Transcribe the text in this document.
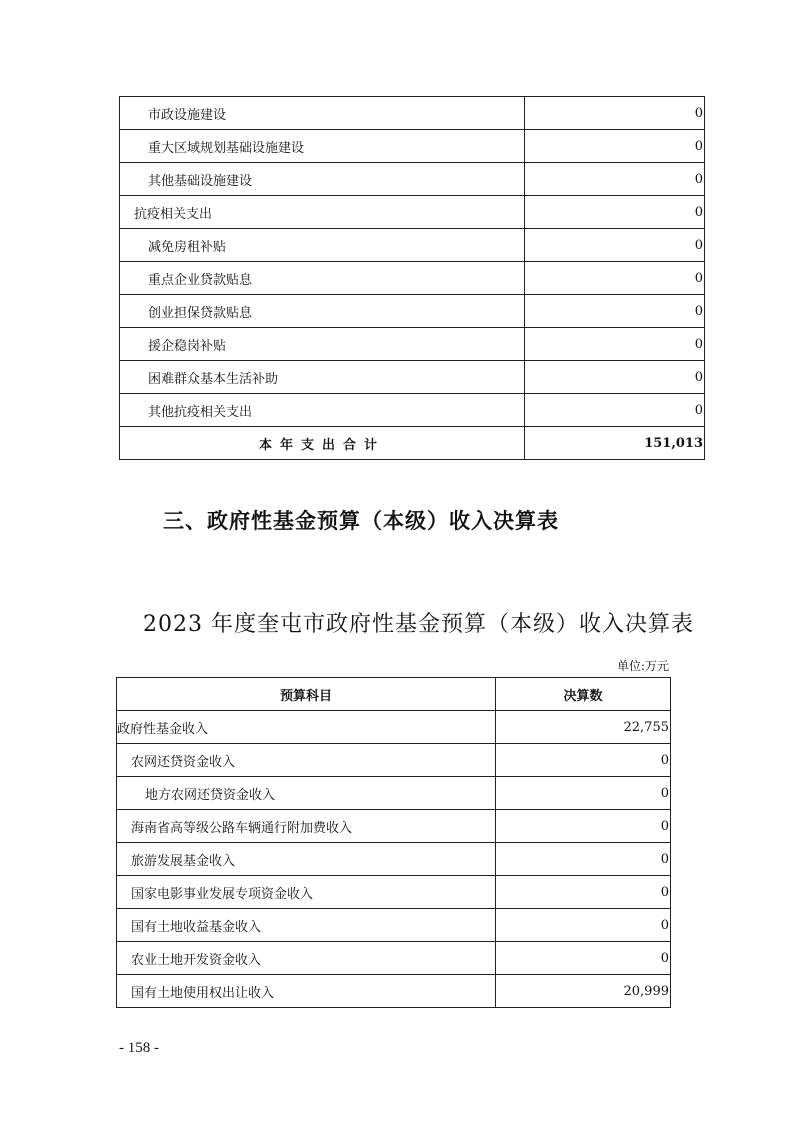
市政设施建设	0
重大区域规划基础设施建设	0
其他基础设施建设	0
抗疫相关支出	0
减免房租补贴	0
重点企业贷款贴息	0
创业担保贷款贴息	0
援企稳岗补贴	0
困难群众基本生活补助	0
其他抗疫相关支出	0
本年支出合计	151,013
三、政府性基金预算（本级）收入决算表
2023 年度奎屯市政府性基金预算（本级）收入决算表
单位:万元
预算科目	决算数
政府性基金收入	22,755
农网还贷资金收入	0
地方农网还贷资金收入	0
海南省高等级公路车辆通行附加费收入	0
旅游发展基金收入	0
国家电影事业发展专项资金收入	0
国有土地收益基金收入	0
农业土地开发资金收入	0
国有土地使用权出让收入	20,999
- 158 -
